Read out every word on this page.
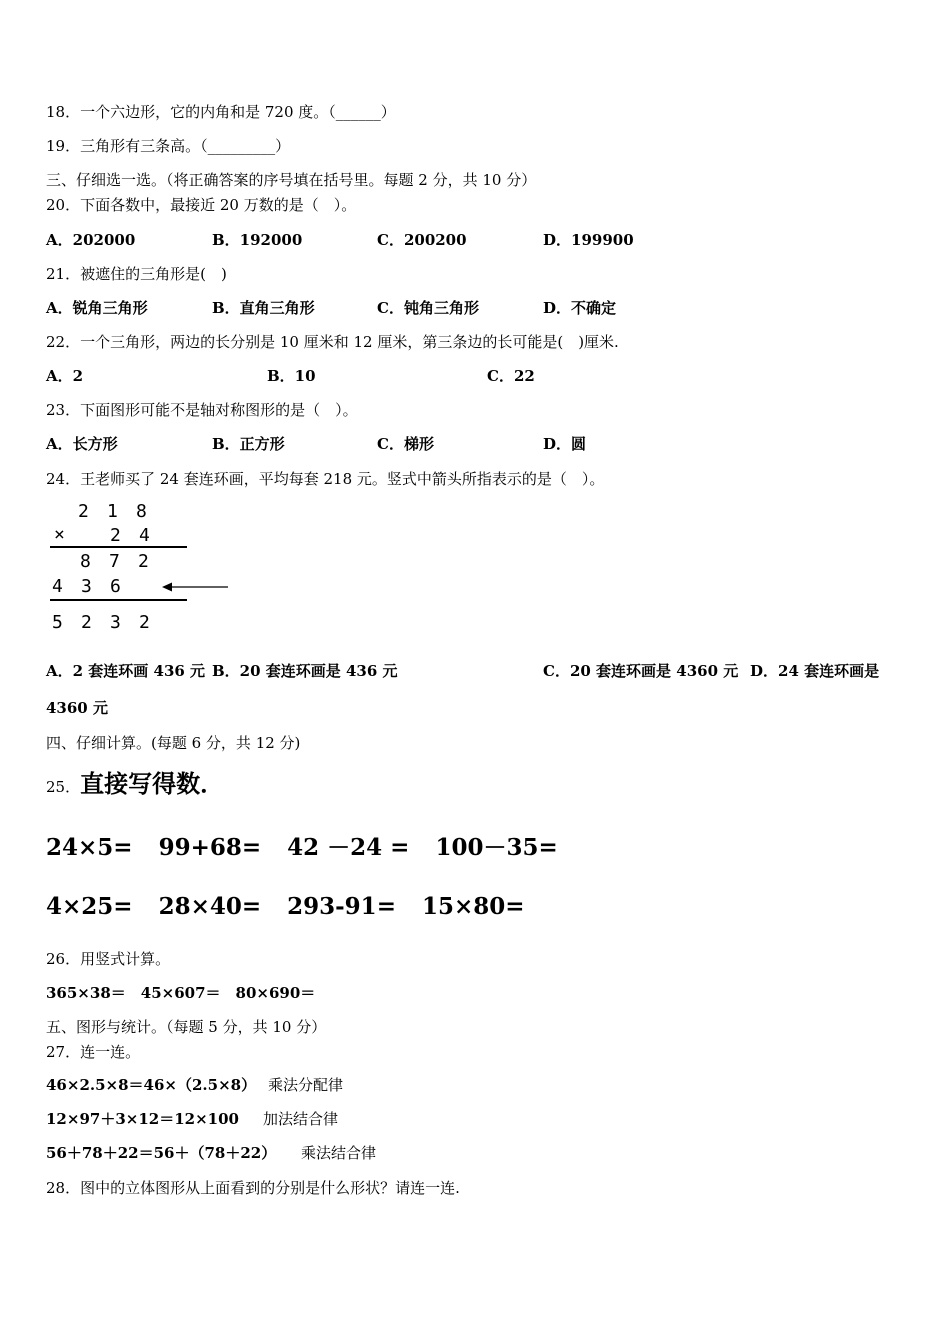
18．一个六边形，它的内角和是 720 度。（______）
19．三角形有三条高。（_________）
三、仔细选一选。（将正确答案的序号填在括号里。每题 2 分，共 10 分）
20．下面各数中，最接近 20 万数的是（　）。
A．202000	B．192000	C．200200	D．199900
21．被遮住的三角形是(　)
A．锐角三角形	B．直角三角形	C．钝角三角形	D．不确定
22．一个三角形，两边的长分别是 10 厘米和 12 厘米，第三条边的长可能是(　)厘米.
A．2	B．10	C．22
23．下面图形可能不是轴对称图形的是（　）。
A．长方形	B．正方形	C．梯形	D．圆
24．王老师买了 24 套连环画，平均每套 218 元。竖式中箭头所指表示的是（　）。
2 1 8
×	2 4
8 7 2
4 3 6
5 2 3 2
A．2 套连环画 436 元 B．20 套连环画是 436 元	C．20 套连环画是 4360 元 D．24 套连环画是
4360 元
四、仔细计算。(每题 6 分，共 12 分)
25．直接写得数．
24×5= 99+68= 42 －24 = 100－35=
4×25= 28×40= 293-91= 15×80=
26．用竖式计算。
365×38＝　45×607＝　80×690＝
五、图形与统计。（每题 5 分，共 10 分）
27．连一连。
46×2.5×8＝46×（2.5×8） 乘法分配律
12×97＋3×12＝12×100 加法结合律
56＋78＋22＝56＋（78＋22） 乘法结合律
28．图中的立体图形从上面看到的分别是什么形状？请连一连.
